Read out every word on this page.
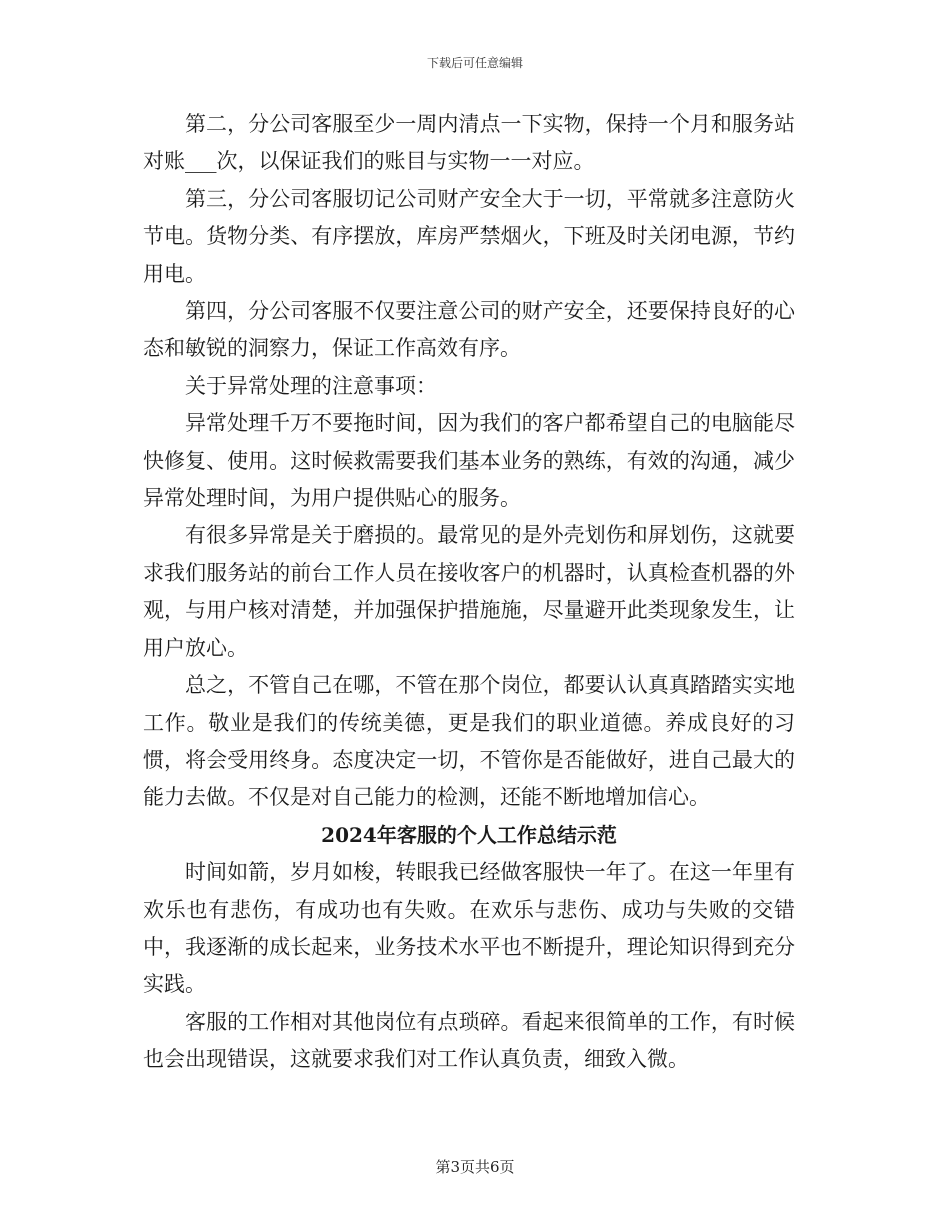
下载后可任意编辑

第二，分公司客服至少一周内清点一下实物，保持一个月和服务站对账___次，以保证我们的账目与实物一一对应。

第三，分公司客服切记公司财产安全大于一切，平常就多注意防火节电。货物分类、有序摆放，库房严禁烟火，下班及时关闭电源，节约用电。

第四，分公司客服不仅要注意公司的财产安全，还要保持良好的心态和敏锐的洞察力，保证工作高效有序。

关于异常处理的注意事项：

异常处理千万不要拖时间，因为我们的客户都希望自己的电脑能尽快修复、使用。这时候救需要我们基本业务的熟练，有效的沟通，减少异常处理时间，为用户提供贴心的服务。

有很多异常是关于磨损的。最常见的是外壳划伤和屏划伤，这就要求我们服务站的前台工作人员在接收客户的机器时，认真检查机器的外观，与用户核对清楚，并加强保护措施施，尽量避开此类现象发生，让用户放心。

总之，不管自己在哪，不管在那个岗位，都要认认真真踏踏实实地工作。敬业是我们的传统美德，更是我们的职业道德。养成良好的习惯，将会受用终身。态度决定一切，不管你是否能做好，进自己最大的能力去做。不仅是对自己能力的检测，还能不断地增加信心。

2024年客服的个人工作总结示范

时间如箭，岁月如梭，转眼我已经做客服快一年了。在这一年里有欢乐也有悲伤，有成功也有失败。在欢乐与悲伤、成功与失败的交错中，我逐渐的成长起来，业务技术水平也不断提升，理论知识得到充分实践。

客服的工作相对其他岗位有点琐碎。看起来很简单的工作，有时候也会出现错误，这就要求我们对工作认真负责，细致入微。

第3页共6页
